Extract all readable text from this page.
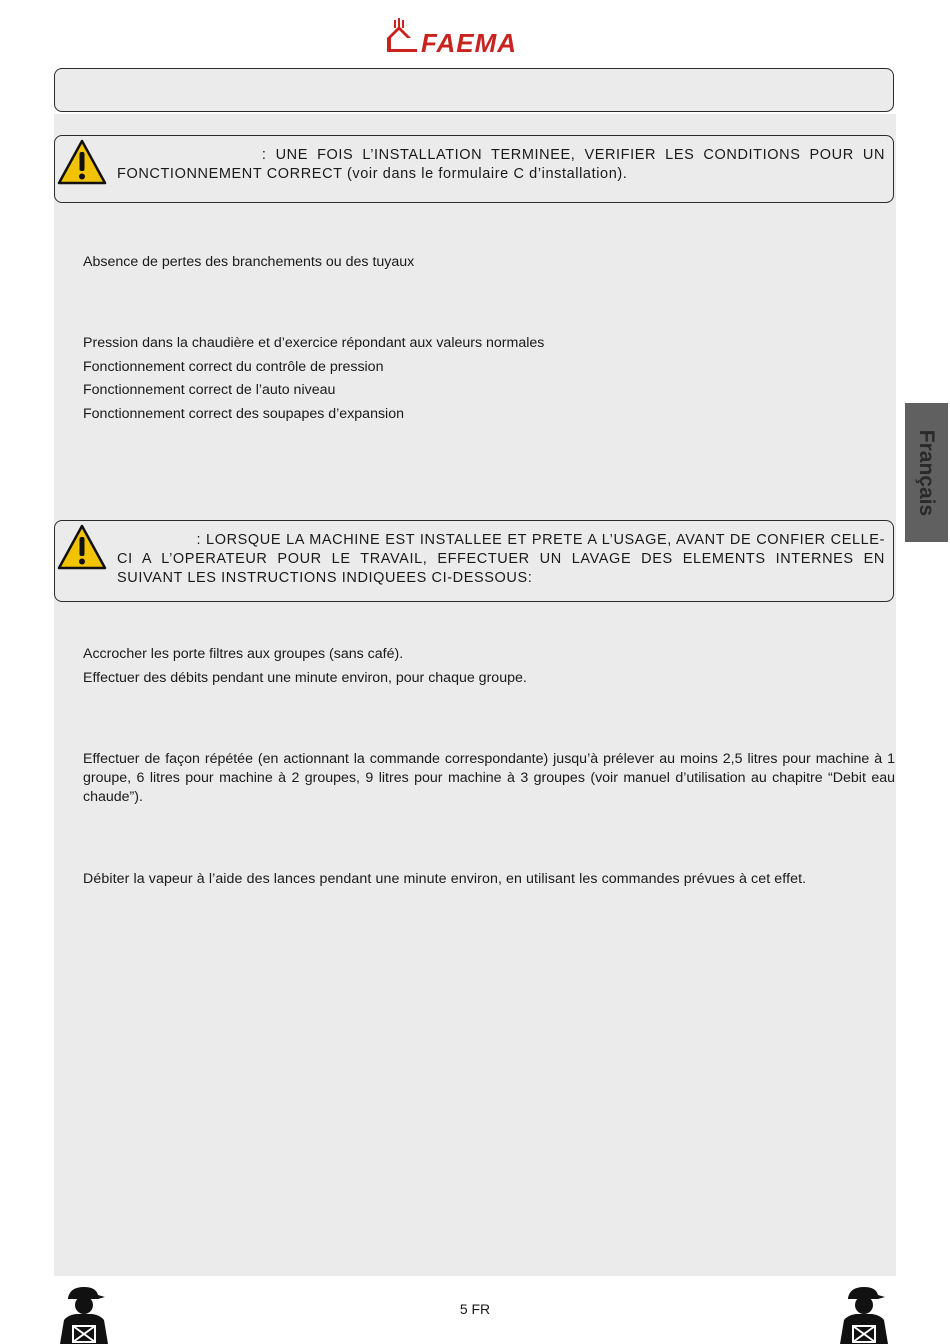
FAEMA
: UNE FOIS L’INSTALLATION TERMINEE, VERIFIER LES CONDITIONS POUR UN FONCTIONNEMENT CORRECT (voir dans le formulaire C d’installation).
Absence de pertes des branchements ou des tuyaux
Pression dans la chaudière et d’exercice répondant aux valeurs normales
Fonctionnement correct du contrôle de pression
Fonctionnement correct de l’auto niveau
Fonctionnement correct des soupapes d’expansion
Français
: LORSQUE LA MACHINE EST INSTALLEE ET PRETE A L’USAGE, AVANT DE CONFIER CELLE-CI A L’OPERATEUR POUR LE TRAVAIL, EFFECTUER UN LAVAGE DES ELEMENTS INTERNES EN SUIVANT LES INSTRUCTIONS INDIQUEES CI-DESSOUS:
Accrocher les porte filtres aux groupes (sans café).
Effectuer des débits pendant une minute environ, pour chaque groupe.
Effectuer de façon répétée (en actionnant la commande correspondante) jusqu’à prélever au moins 2,5 litres pour machine à 1 groupe, 6 litres pour machine à 2 groupes, 9 litres pour machine à 3 groupes (voir manuel d’utilisation au chapitre “Debit eau chaude”).
Débiter la vapeur à l’aide des lances pendant une minute environ, en utilisant les commandes prévues à cet effet.
5 FR
